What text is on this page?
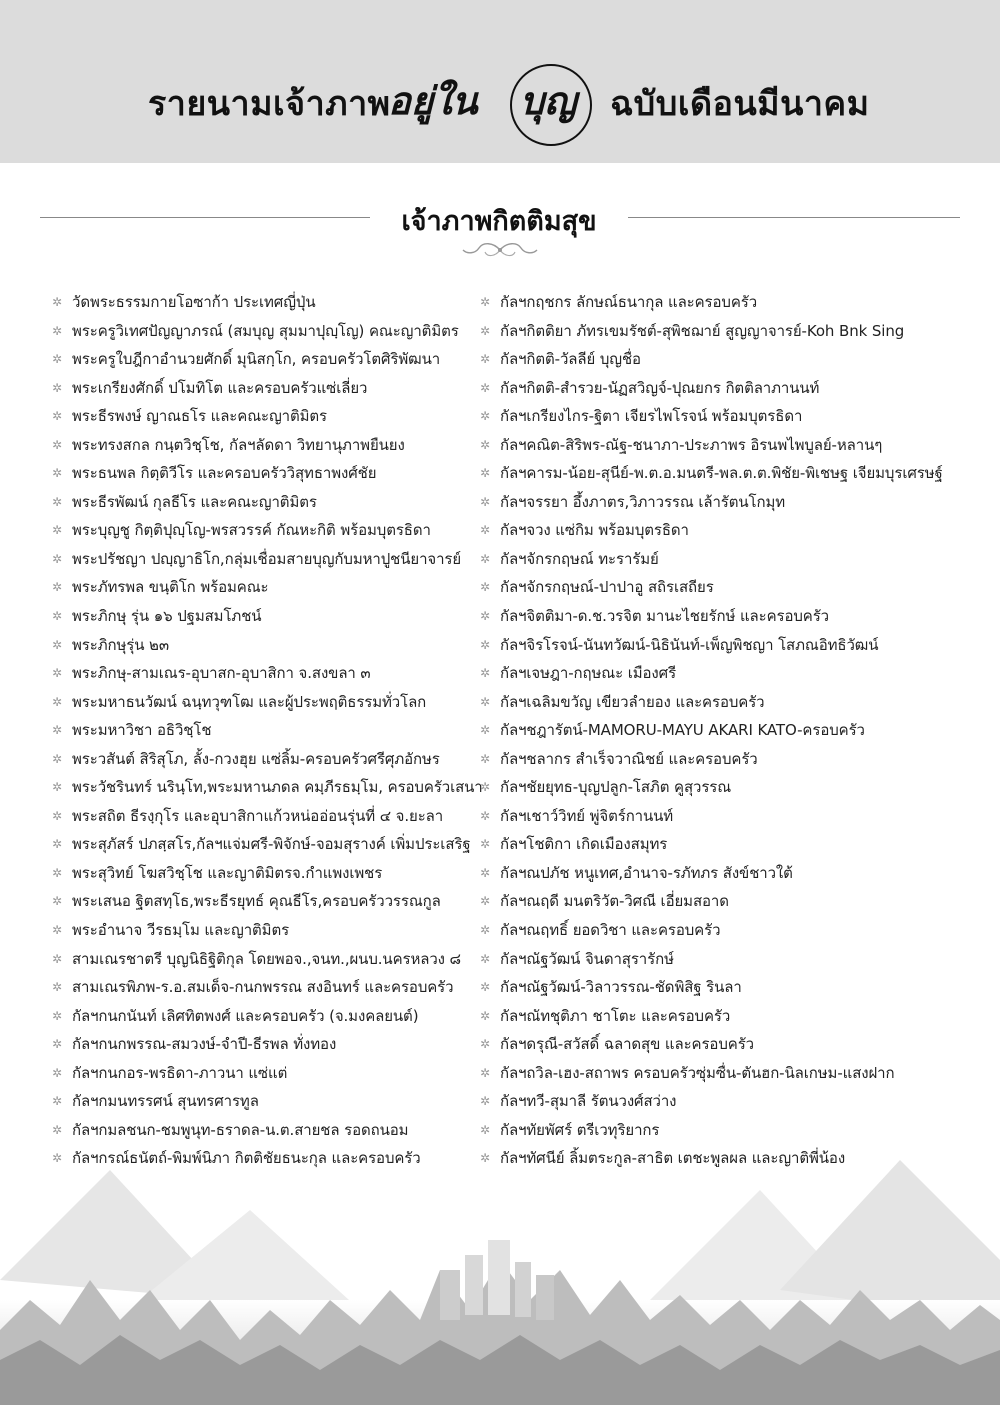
รายนามเจ้าภาพ
อยู่ใน บุญ ฉบับเดือนมีนาคม
เจ้าภาพกิตติมสุข
✲ วัดพระธรรมกายโอซาก้า ประเทศญี่ปุ่น
✲ พระครูวิเทศปัญญาภรณ์ (สมบุญ สุมมาปุญฺโญ) คณะญาติมิตร
✲ พระครูใบฎีกาอำนวยศักดิ์ มุนิสกฺโก, ครอบครัวโตศิริพัฒนา
✲ พระเกรียงศักดิ์ ปโมทิโต และครอบครัวแซ่เลี่ยว
✲ พระธีรพงษ์ ญาณธโร และคณะญาติมิตร
✲ พระทรงสกล กนฺตวิชฺโช, กัลฯลัดดา วิทยานุภาพยืนยง
✲ พระธนพล กิตฺติวีโร และครอบครัววิสุทธาพงศ์ชัย
✲ พระธีรพัฒน์ กุลธีโร และคณะญาติมิตร
✲ พระบุญชู กิตฺติปุญฺโญ-พรสวรรค์ กัณหะกิติ พร้อมบุตรธิดา
✲ พระปรัชญา ปญฺญาธิโก,กลุ่มเชื่อมสายบุญกับมหาปูชนียาจารย์
✲ พระภัทรพล ขนฺติโก พร้อมคณะ
✲ พระภิกษุ รุ่น ๑๖ ปฐมสมโภชน์
✲ พระภิกษุรุ่น ๒๓
✲ พระภิกษุ-สามเณร-อุบาสก-อุบาสิกา จ.สงขลา ๓
✲ พระมหาธนวัฒน์ ฉนฺทวุฑโฒ และผู้ประพฤติธรรมทั่วโลก
✲ พระมหาวิชา อธิวิชฺโช
✲ พระวสันต์ สิริสุโภ, ลั้ง-กวงฮุย แซ่ลิ้ม-ครอบครัวศรีศุภอักษร
✲ พระวัชรินทร์ นรินฺโท,พระมหานภดล คมฺภีรธมฺโม, ครอบครัวเสนา
✲ พระสถิต ธีรงฺกุโร และอุบาสิกาแก้วหน่ออ่อนรุ่นที่ ๔ จ.ยะลา
✲ พระสุภัสร์ ปภสฺสโร,กัลฯแจ่มศรี-พิจักษ์-จอมสุรางค์ เพิ่มประเสริฐ
✲ พระสุวิทย์ โฆสวิชฺโช และญาติมิตรจ.กำแพงเพชร
✲ พระเสนอ ฐิตสทฺโธ,พระธีรยุทธ์ คุณธีโร,ครอบครัววรรณกูล
✲ พระอำนาจ วีรธมฺโม และญาติมิตร
✲ สามเณรชาตรี บุญนิธิฐิติกุล โดยพอจ.,จนท.,ผนบ.นครหลวง ๘
✲ สามเณรพิภพ-ร.อ.สมเด็จ-กนกพรรณ สงอินทร์ และครอบครัว
✲ กัลฯกนกนันท์ เลิศทิตพงศ์ และครอบครัว (จ.มงคลยนต์)
✲ กัลฯกนกพรรณ-สมวงษ์-จำปี-ธีรพล ทั่งทอง
✲ กัลฯกนกอร-พรธิดา-ภาวนา แซ่แต่
✲ กัลฯกมนทรรศน์ สุนทรศารทูล
✲ กัลฯกมลชนก-ชมพูนุท-ธราดล-น.ต.สายชล รอดถนอม
✲ กัลฯกรณ์ธนัตถ์-พิมพ์นิภา กิตติชัยธนะกุล และครอบครัว
✲ กัลฯกฤชกร ลักษณ์ธนากุล และครอบครัว
✲ กัลฯกิตติยา ภัทรเขมรัชต์-สุพิชฌาย์ สูญญาจารย์-Koh Bnk Sing
✲ กัลฯกิตติ-วัลลีย์ บุญชื่อ
✲ กัลฯกิตติ-สำรวย-นัฏสวิญจ์-ปุณยกร กิตติลาภานนท์
✲ กัลฯเกรียงไกร-ฐิตา เจียรไพโรจน์ พร้อมบุตรธิดา
✲ กัลฯคณิต-สิริพร-ณัฐ-ชนาภา-ประภาพร อิรนพไพบูลย์-หลานๆ
✲ กัลฯคารม-น้อย-สุนีย์-พ.ต.อ.มนตรี-พล.ต.ต.พิชัย-พิเชษฐ เจียมบุรเศรษฐ์
✲ กัลฯจรรยา อึ้งภาตร,วิภาวรรณ เล้ารัตนโกมุท
✲ กัลฯจวง แซ่กิม พร้อมบุตรธิดา
✲ กัลฯจักรกฤษณ์ ทะรารัมย์
✲ กัลฯจักรกฤษณ์-ปาปาอู สถิรเสถียร
✲ กัลฯจิตติมา-ด.ช.วรจิต มานะไชยรักษ์ และครอบครัว
✲ กัลฯจิรโรจน์-นันทวัฒน์-นิธินันท์-เพ็ญพิชญา โสภณอิทธิวัฒน์
✲ กัลฯเจษฎา-กฤษณะ เมืองศรี
✲ กัลฯเฉลิมขวัญ เขียวลำยอง และครอบครัว
✲ กัลฯชฎารัตน์-MAMORU-MAYU AKARI KATO-ครอบครัว
✲ กัลฯชลากร สำเร็จวาณิชย์ และครอบครัว
✲ กัลฯชัยยุทธ-บุญปลูก-โสภิต คูสุวรรณ
✲ กัลฯเชาว์วิทย์ พู่จิตร์กานนท์
✲ กัลฯโชติกา เกิดเมืองสมุทร
✲ กัลฯณปภัช หนูเทศ,อำนาจ-รภัทภร สังข์ชาวใต้
✲ กัลฯณฤดี มนตริวัต-วิศณี เอี่ยมสอาด
✲ กัลฯณฤทธิ์ ยอดวิชา และครอบครัว
✲ กัลฯณัฐวัฒน์ จินดาสุรารักษ์
✲ กัลฯณัฐวัฒน์-วิลาวรรณ-ชัดพิสิฐ รินลา
✲ กัลฯณัทชุติภา ชาโตะ และครอบครัว
✲ กัลฯดรุณี-สวัสดิ์ ฉลาดสุข และครอบครัว
✲ กัลฯถวิล-เฮง-สถาพร ครอบครัวซุ่มซื่น-ตันฮก-นิลเกษม-แสงฝาก
✲ กัลฯทวี-สุมาลี รัตนวงศ์สว่าง
✲ กัลฯทัยพัศร์ ตรีเวทุริยากร
✲ กัลฯทัศนีย์ ลิ้มตระกูล-สาธิต เตชะพูลผล และญาติพี่น้อง
